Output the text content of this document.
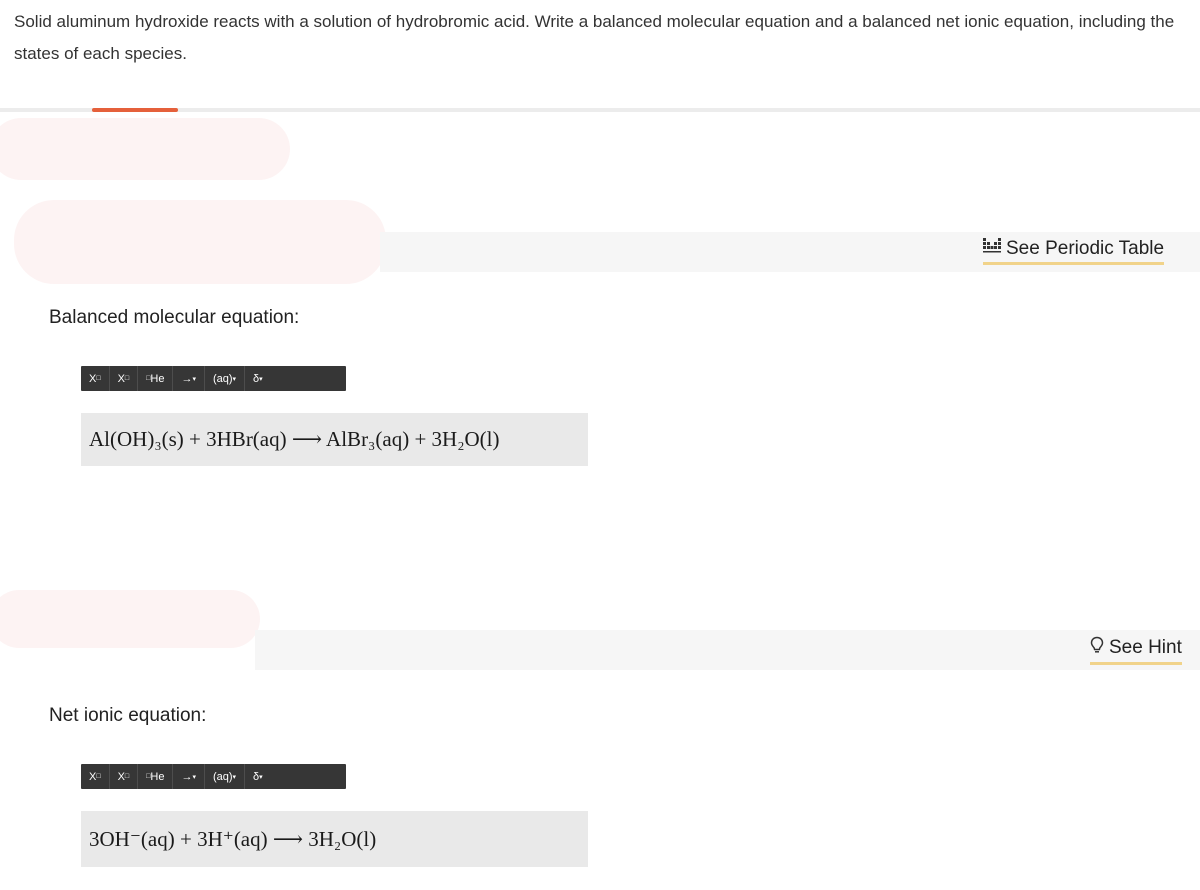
Solid aluminum hydroxide reacts with a solution of hydrobromic acid. Write a balanced molecular equation and a balanced net ionic equation, including the states of each species.
See Periodic Table
See Hint
Balanced molecular equation:
X □ X □ □ He → ▾ (aq) ▾ δ ▾
Al(OH)₃(s) + 3HBr(aq) ⟶ AlBr₃(aq) + 3H₂O(l)
Net ionic equation:
X □ X □ □ He → ▾ (aq) ▾ δ ▾
3OH⁻(aq) + 3H⁺(aq) ⟶ 3H₂O(l)
